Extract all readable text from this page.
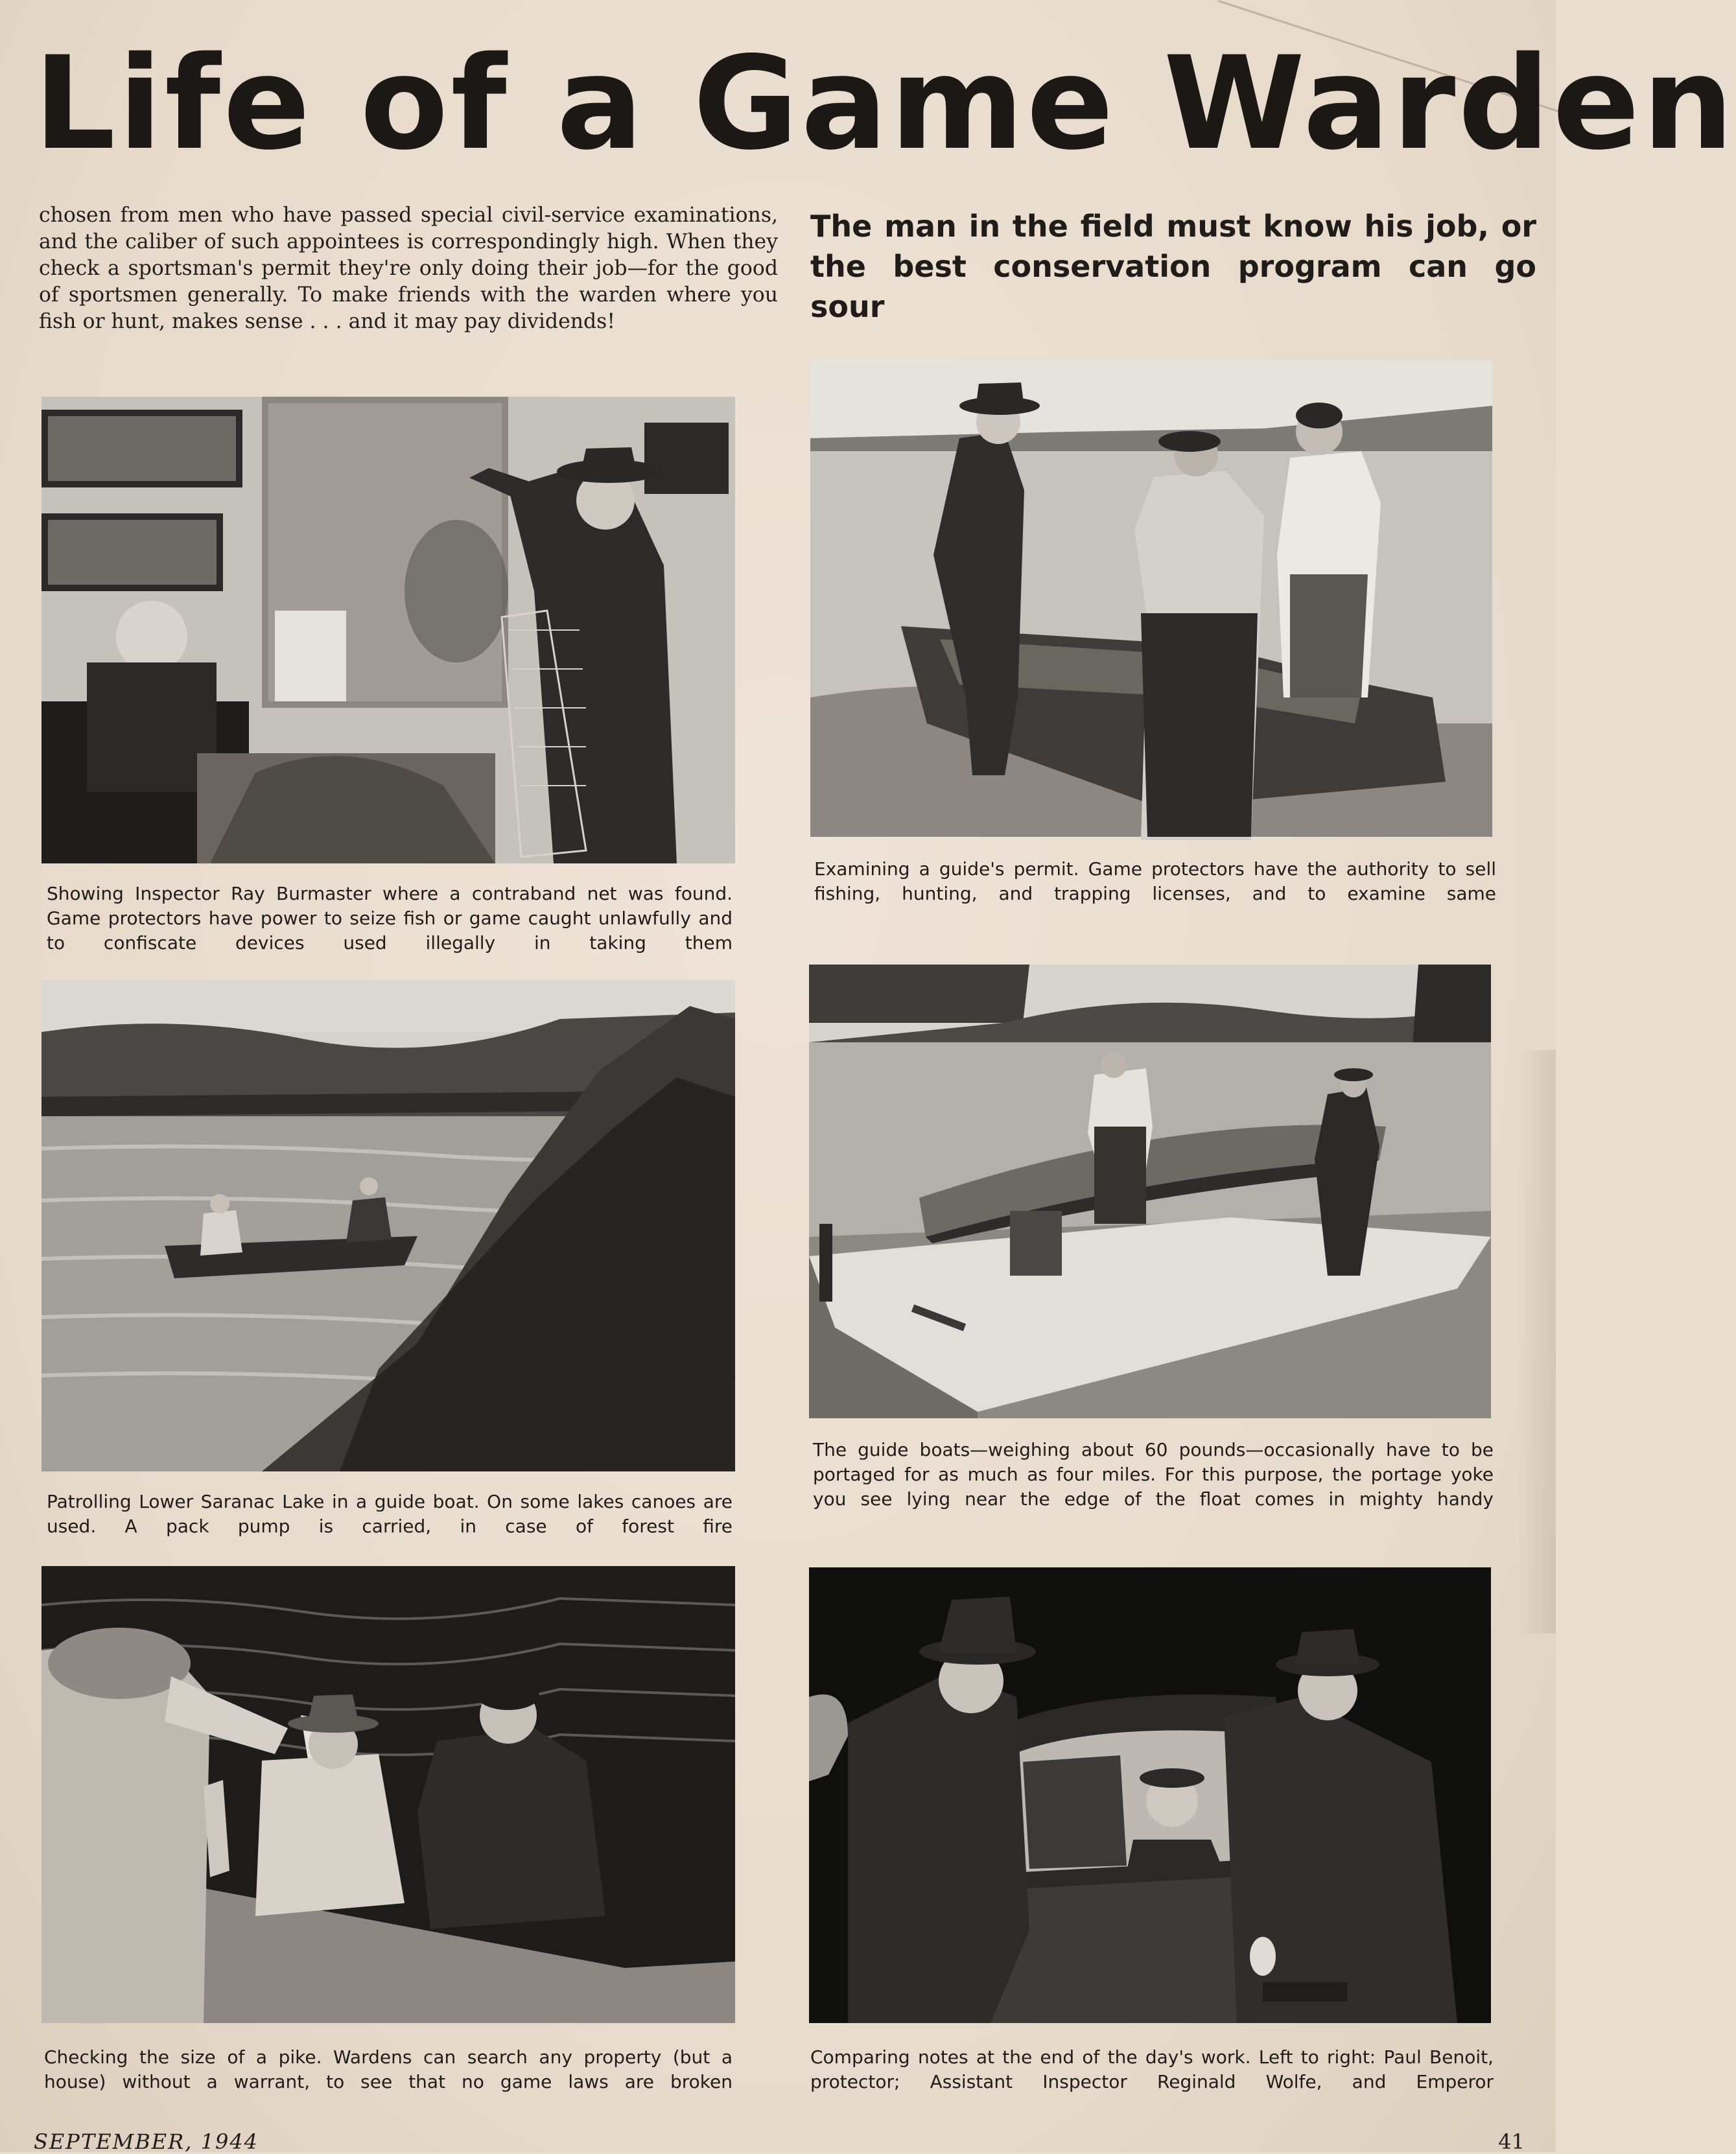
Life of a Game Warden
chosen from men who have passed special civil-service examinations, and the caliber of such appointees is correspondingly high. When they check a sportsman's permit they're only doing their job—for the good of sportsmen generally. To make friends with the warden where you fish or hunt, makes sense . . . and it may pay dividends!
The man in the field must know his job, or the best conservation program can go sour
Showing Inspector Ray Burmaster where a contraband net was found. Game protectors have power to seize fish or game caught unlawfully and to confiscate devices used illegally in taking them
Examining a guide's permit. Game protectors have the authority to sell fishing, hunting, and trapping licenses, and to examine same
Patrolling Lower Saranac Lake in a guide boat. On some lakes canoes are used. A pack pump is carried, in case of forest fire
The guide boats—weighing about 60 pounds—occasionally have to be portaged for as much as four miles. For this purpose, the portage yoke you see lying near the edge of the float comes in mighty handy
Checking the size of a pike. Wardens can search any property (but a house) without a warrant, to see that no game laws are broken
Comparing notes at the end of the day's work. Left to right: Paul Benoit, protector; Assistant Inspector Reginald Wolfe, and Emperor
SEPTEMBER, 1944	41
